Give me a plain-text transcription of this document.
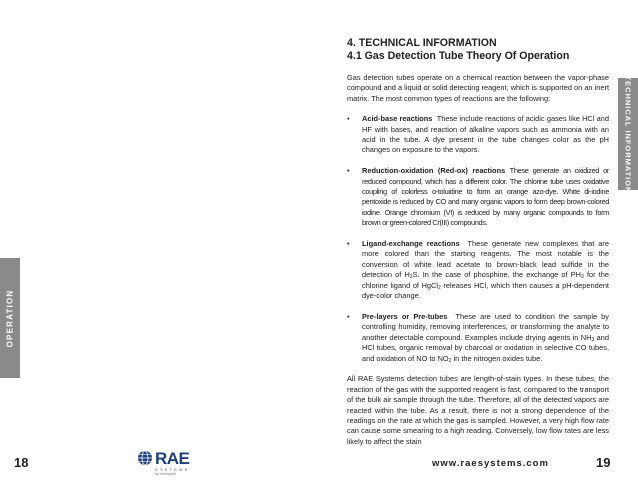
OPERATION
TECHNICAL INFORMATION
4. TECHNICAL INFORMATION
4.1 Gas Detection Tube Theory Of Operation

Gas detection tubes operate on a chemical reaction between the vapor-phase compound and a liquid or solid detecting reagent, which is supported on an inert matrix. The most common types of reactions are the following:

• Acid-base reactions These include reactions of acidic gases like HCl and HF with bases, and reaction of alkaline vapors such as ammonia with an acid in the tube. A dye present in the tube changes color as the pH changes on exposure to the vapors.
• Reduction-oxidation (Red-ox) reactions These generate an oxidized or reduced compound, which has a different color. The chlorine tube uses oxidative coupling of colorless o-toluidine to form an orange azo-dye. White di-iodine pentoxide is reduced by CO and many organic vapors to form deep brown-colored iodine. Orange chromium (VI) is reduced by many organic compounds to form brown or green-colored Cr(III) compounds.
• Ligand-exchange reactions These generate new complexes that are more colored than the starting reagents. The most notable is the conversion of white lead acetate to brown-black lead sulfide in the detection of $H_2S$. In the case of phosphine, the exchange of $PH_3$ for the chlorine ligand of HgCl$_2$ releases HCl, which then causes a pH-dependent dye-color change.
• Pre-layers or Pre-tubes These are used to condition the sample by controlling humidity, removing interferences, or transforming the analyte to another detectable compound. Examples include drying agents in $NH_3$ and HCl tubes, organic removal by charcoal or oxidation in selective CO tubes, and oxidation of NO to $NO_2$ in the nitrogen oxides tube.

All RAE Systems detection tubes are length-of-stain types. In these tubes, the reaction of the gas with the supported reagent is fast, compared to the transport of the bulk air sample through the tube. Therefore, all of the detected vapors are reacted within the tube. As a result, there is not a strong dependence of the readings on the rate at which the gas is sampled. However, a very high flow rate can cause some smearing to a high reading. Conversely, low flow rates are less likely to affect the stain

18	RAE
SYSTEMS
by Honeywell
www.raesystems.com	19
